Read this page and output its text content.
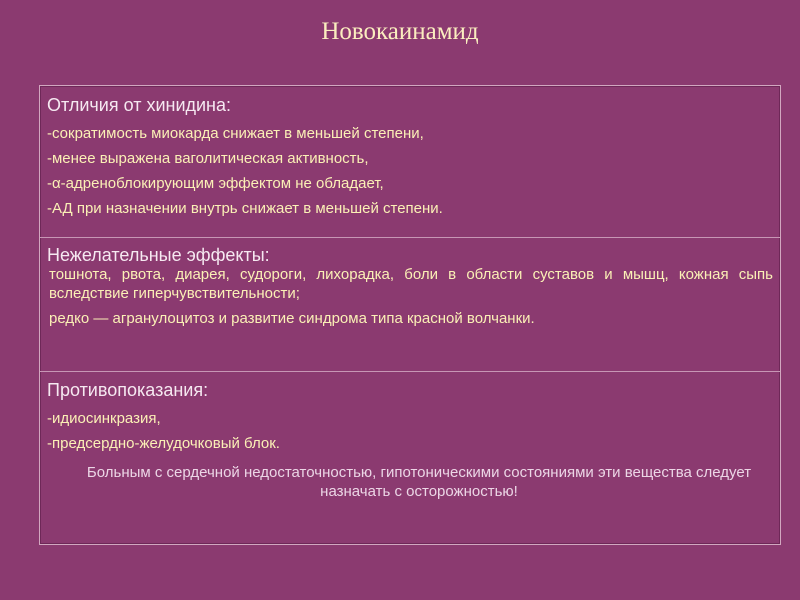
Новокаинамид
Отличия от хинидина:
-сократимость миокарда снижает в меньшей степени,
-менее выражена ваголитическая активность,
-α-адреноблокирующим эффектом не обладает,
-АД при назначении внутрь снижает в меньшей степени.
Нежелательные эффекты:
тошнота, рвота, диарея, судороги, лихорадка, боли в области суставов и мышц, кожная сыпь вследствие гиперчувствительности;
редко — агранулоцитоз и развитие синдрома типа красной волчанки.
Противопоказания:
-идиосинкразия,
-предсердно-желудочковый блок.
Больным с сердечной недостаточностью, гипотоническими состояниями эти вещества следует назначать с осторожностью!
